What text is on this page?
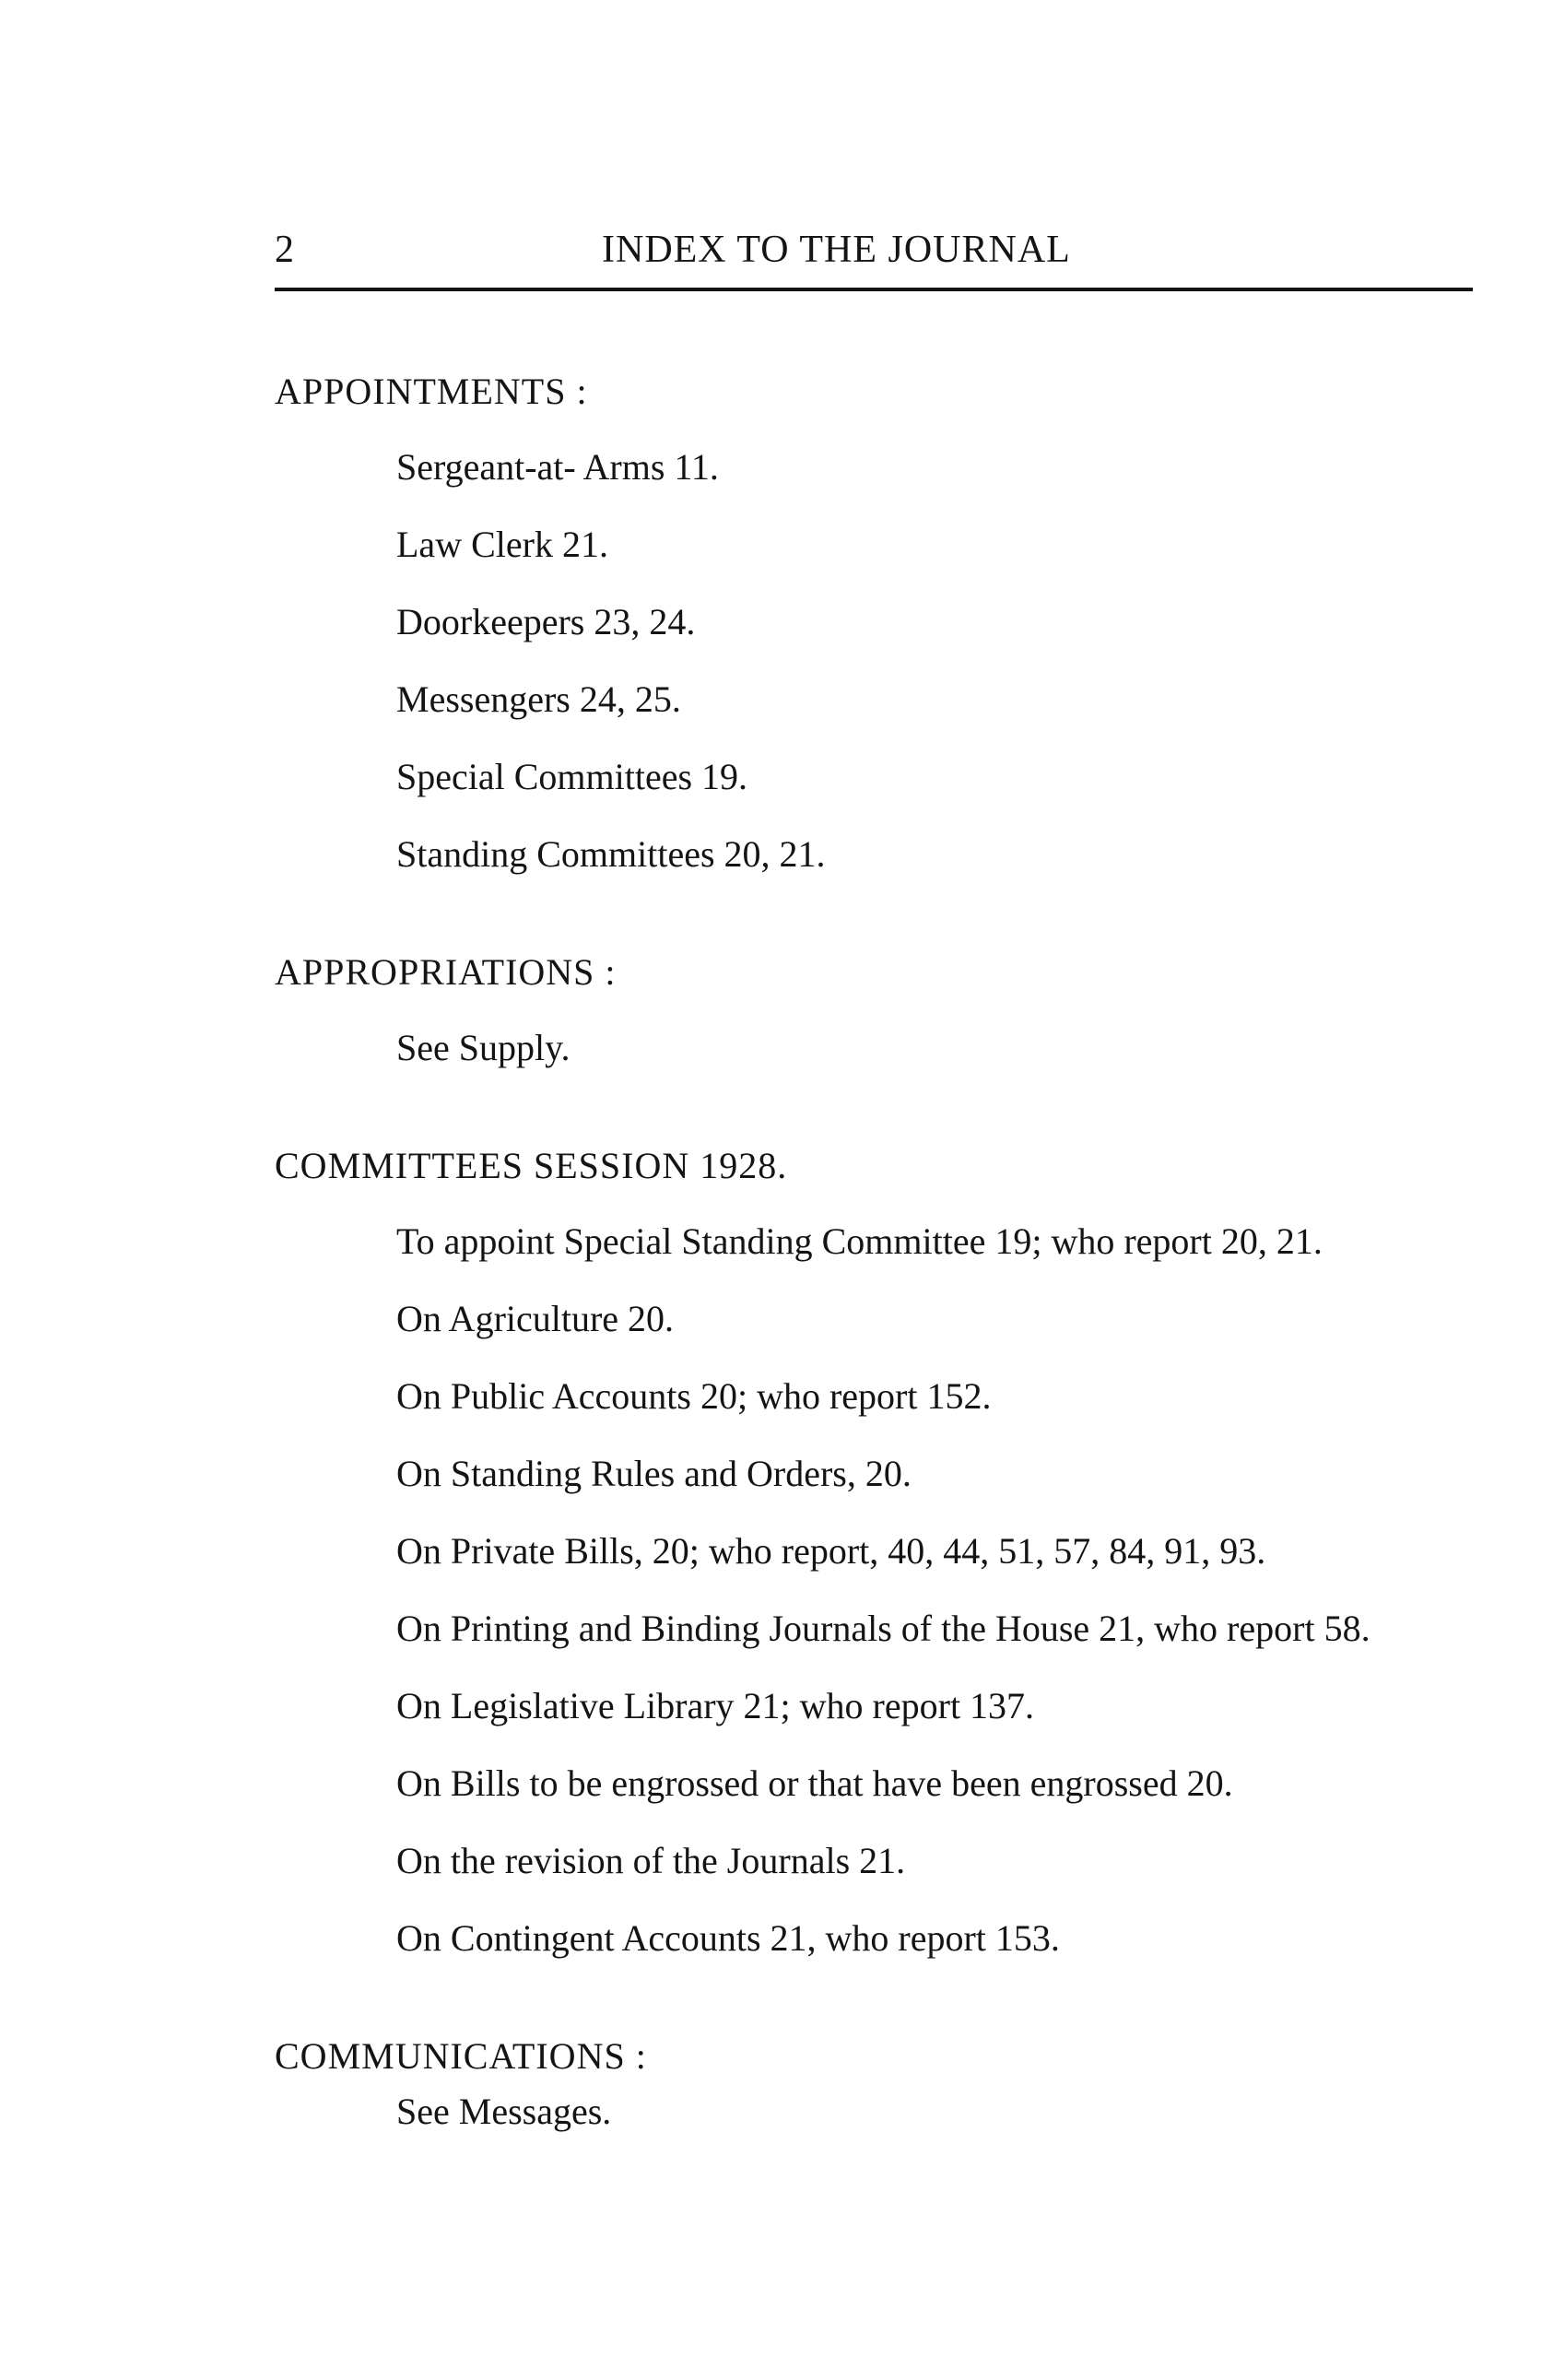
2	INDEX TO THE JOURNAL

APPOINTMENTS :

Sergeant-at- Arms 11.

Law Clerk 21.

Doorkeepers 23, 24.

Messengers 24, 25.

Special Committees 19.

Standing Committees 20, 21.

APPROPRIATIONS :

See Supply.

COMMITTEES SESSION 1928.

To appoint Special Standing Committee 19; who report 20, 21.

On Agriculture 20.

On Public Accounts 20; who report 152.

On Standing Rules and Orders, 20.

On Private Bills, 20; who report, 40, 44, 51, 57, 84, 91, 93.

On Printing and Binding Journals of the House 21, who report 58.

On Legislative Library 21; who report 137.

On Bills to be engrossed or that have been engrossed 20.

On the revision of the Journals 21.

On Contingent Accounts 21, who report 153.

COMMUNICATIONS :

See Messages.
